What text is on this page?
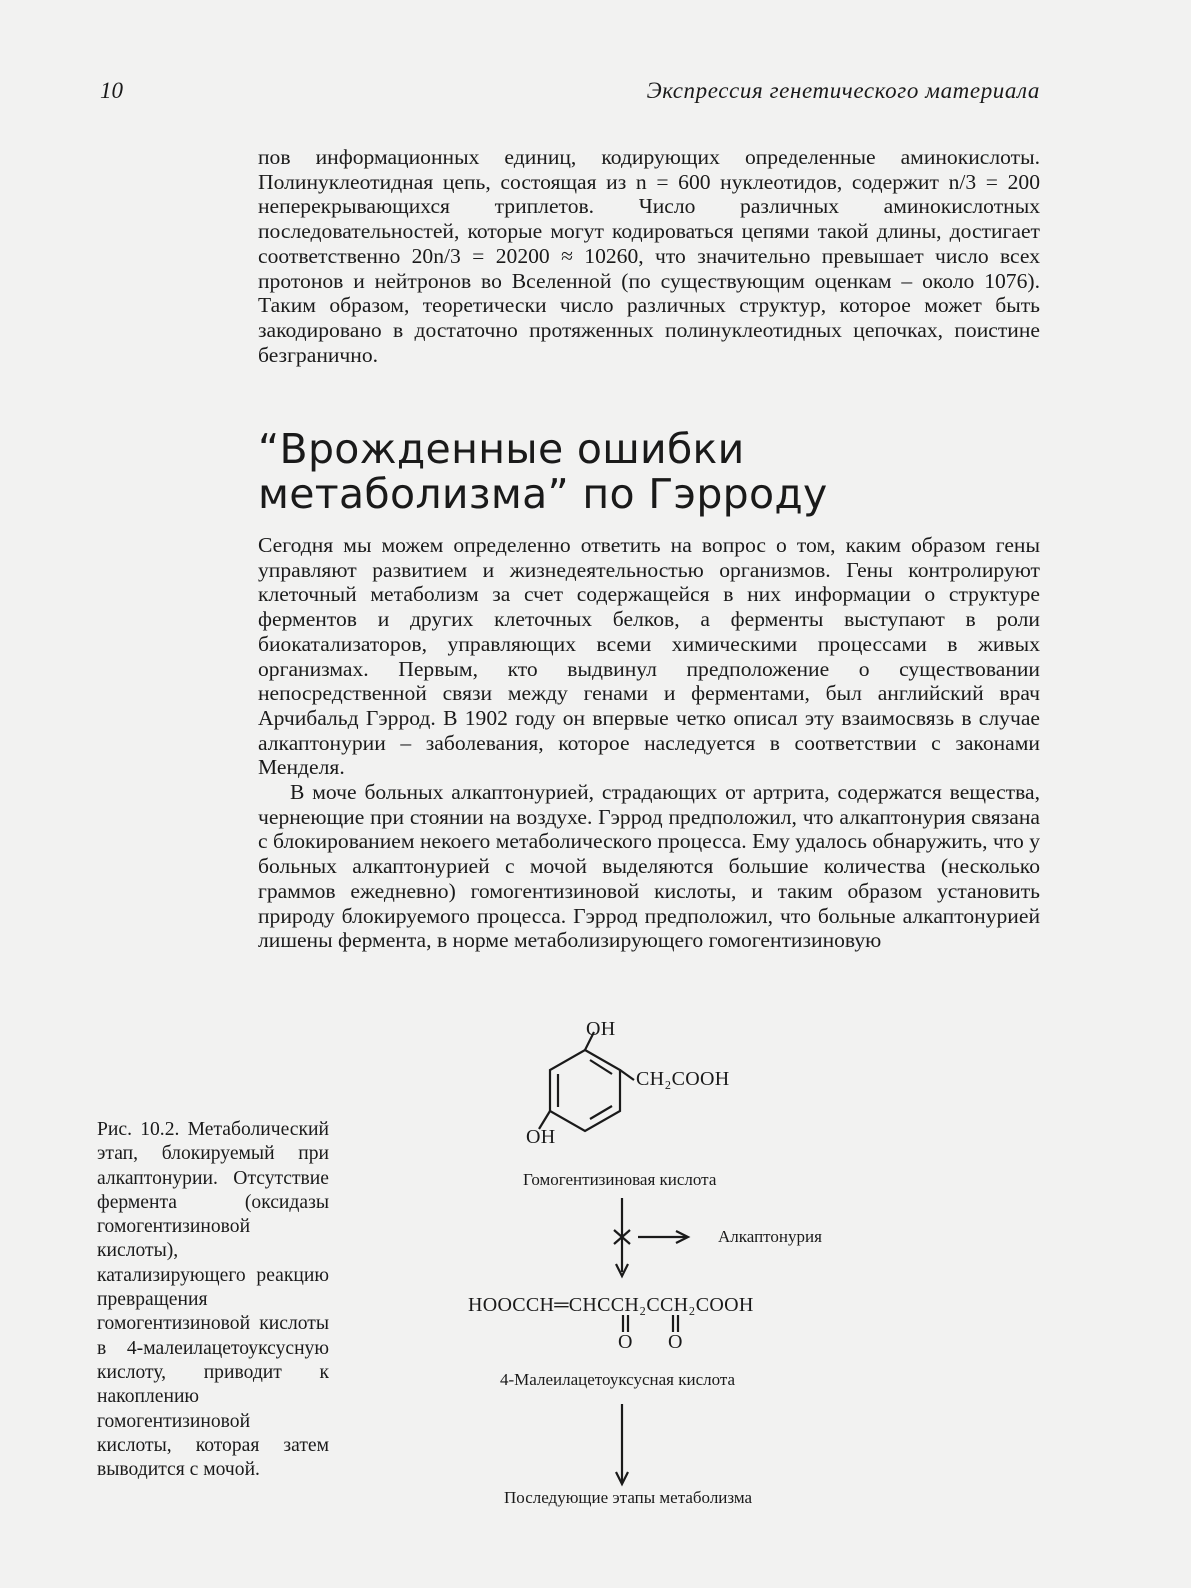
10	Экспрессия генетического материала

пов информационных единиц, кодирующих определенные аминокислоты. Полинуклеотидная цепь, состоящая из n = 600 нуклеотидов, содержит n/3 = 200 неперекрывающихся триплетов. Число различных аминокислотных последовательностей, которые могут кодироваться цепями такой длины, достигает соответственно 20n/3 = 20200 ≈ 10260, что значительно превышает число всех протонов и нейтронов во Вселенной (по существующим оценкам – около 1076). Таким образом, теоретически число различных структур, которое может быть закодировано в достаточно протяженных полинуклеотидных цепочках, поистине безгранично.

“Врожденные ошибки метаболизма” по Гэрроду

Сегодня мы можем определенно ответить на вопрос о том, каким образом гены управляют развитием и жизнедеятельностью организмов. Гены контролируют клеточный метаболизм за счет содержащейся в них информации о структуре ферментов и других клеточных белков, а ферменты выступают в роли биокатализаторов, управляющих всеми химическими процессами в живых организмах. Первым, кто выдвинул предположение о существовании непосредственной связи между генами и ферментами, был английский врач Арчибальд Гэррод. В 1902 году он впервые четко описал эту взаимосвязь в случае алкаптонурии – заболевания, которое наследуется в соответствии с законами Менделя.

В моче больных алкаптонурией, страдающих от артрита, содержатся вещества, чернеющие при стоянии на воздухе. Гэррод предположил, что алкаптонурия связана с блокированием некоего метаболического процесса. Ему удалось обнаружить, что у больных алкаптонурией с мочой выделяются большие количества (несколько граммов ежедневно) гомогентизиновой кислоты, и таким образом установить природу блокируемого процесса. Гэррод предположил, что больные алкаптонурией лишены фермента, в норме метаболизирующего гомогентизиновую

Рис. 10.2. Метаболический этап, блокируемый при алкаптонурии. Отсутствие фермента (оксидазы гомогентизиновой кислоты), катализирующего реакцию превращения гомогентизиновой кислоты в 4-малеилацетоуксусную кислоту, приводит к накоплению гомогентизиновой кислоты, которая затем выводится с мочой.

OH
CH₂COOH
OH
Гомогентизиновая кислота
Алкаптонурия
HOOCCH═CHCCH₂CCH₂COOH
O O
4-Малеилацетоуксусная кислота
Последующие этапы метаболизма
